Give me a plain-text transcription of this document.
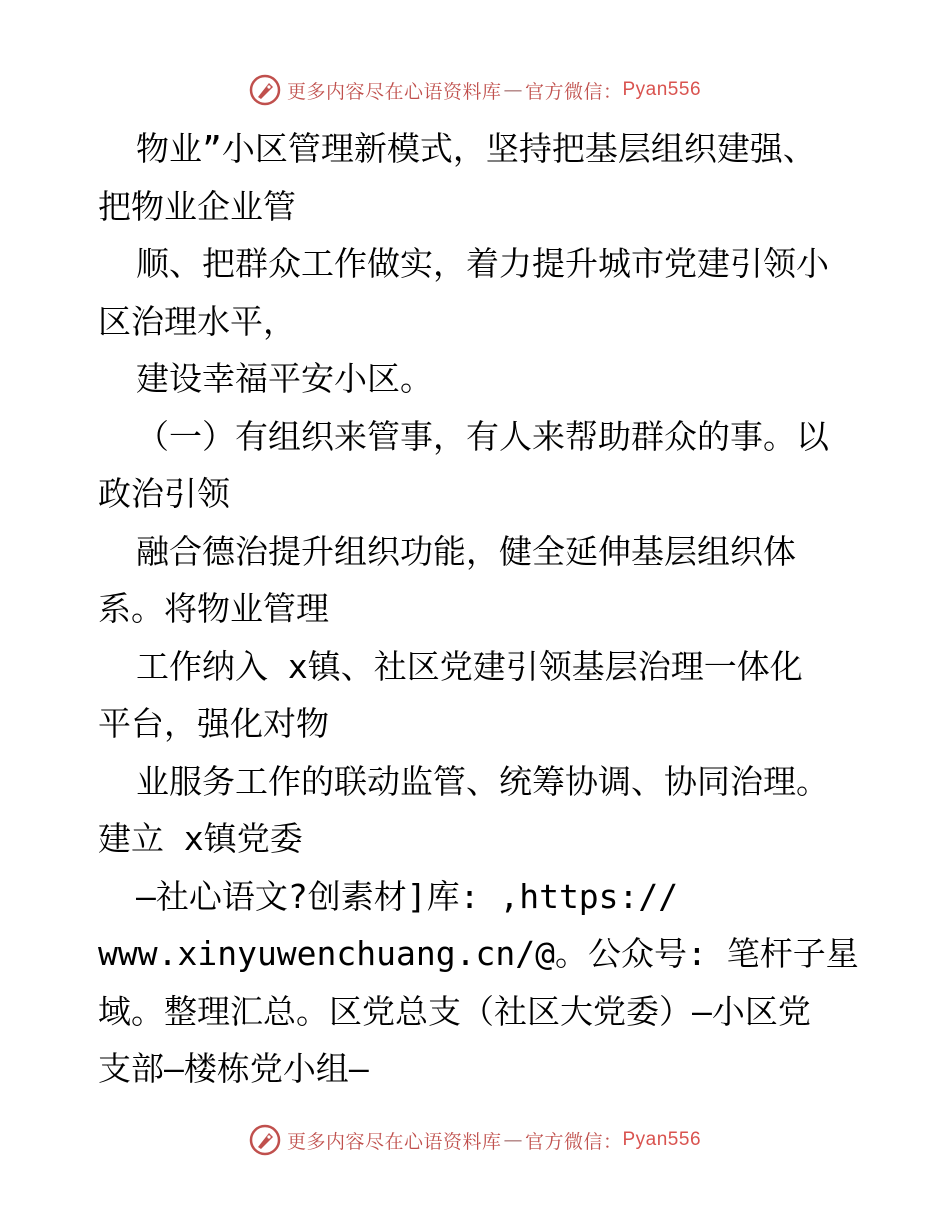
更多内容尽在心语资料库 — 官方微信： Pyan556
物业”小区管理新模式，坚持把基层组织建强、
把物业企业管
顺、把群众工作做实，着力提升城市党建引领小
区治理水平，
建设幸福平安小区。
（一）有组织来管事，有人来帮助群众的事。以
政治引领
融合德治提升组织功能，健全延伸基层组织体
系。将物业管理
工作纳入 x镇、社区党建引领基层治理一体化
平台，强化对物
业服务工作的联动监管、统筹协调、协同治理。
建立 x镇党委
—社心语文?创素材]库: ,https://
www.xinyuwenchuang.cn/@。公众号: 笔杆子星
域。整理汇总。区党总支（社区大党委）—小区党
支部—楼栋党小组—
更多内容尽在心语资料库 — 官方微信： Pyan556
